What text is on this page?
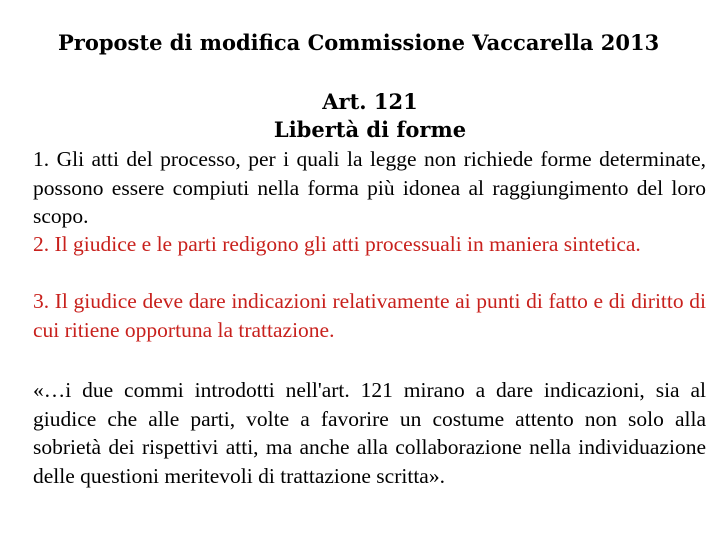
Proposte di modifica Commissione Vaccarella 2013
Art. 121
Libertà di forme

1. Gli atti del processo, per i quali la legge non richiede forme determinate, possono essere compiuti nella forma più idonea al raggiungimento del loro scopo.

2. Il giudice e le parti redigono gli atti processuali in maniera sintetica.

3. Il giudice deve dare indicazioni relativamente ai punti di fatto e di diritto di cui ritiene opportuna la trattazione.

«…i due commi introdotti nell'art. 121 mirano a dare indicazioni, sia al giudice che alle parti, volte a favorire un costume attento non solo alla sobrietà dei rispettivi atti, ma anche alla collaborazione nella individuazione delle questioni meritevoli di trattazione scritta».
